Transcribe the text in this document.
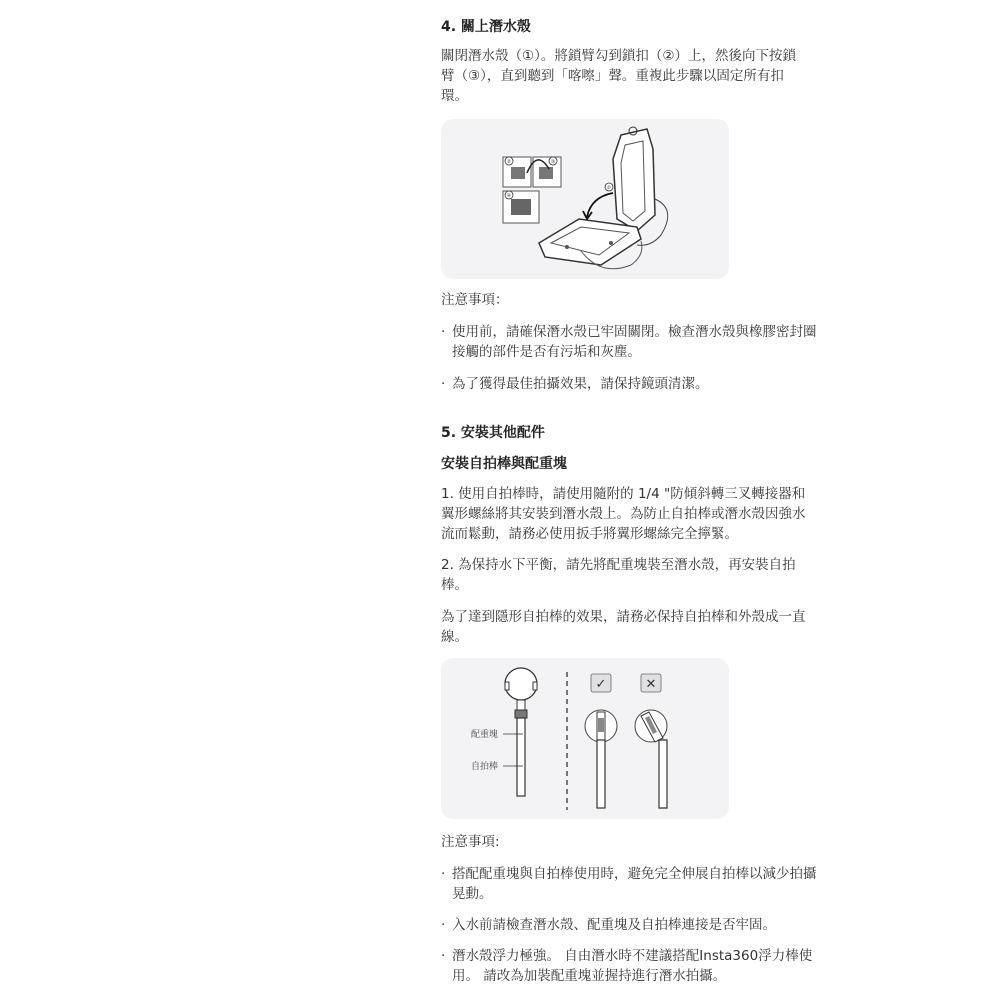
4. 關上潛水殼
關閉潛水殼（①）。將鎖臂勾到鎖扣（②）上，然後向下按鎖
臂（③），直到聽到「喀嚓」聲。重複此步驟以固定所有扣
環。
②	③
④
①
注意事項：
· 使用前，請確保潛水殼已牢固關閉。檢查潛水殼與橡膠密封圈
接觸的部件是否有污垢和灰塵。
· 為了獲得最佳拍攝效果，請保持鏡頭清潔。
5. 安裝其他配件
安裝自拍棒與配重塊
1. 使用自拍棒時，請使用隨附的 1/4 "防傾斜轉三叉轉接器和
翼形螺絲將其安裝到潛水殼上。為防止自拍棒或潛水殼因強水
流而鬆動，請務必使用扳手將翼形螺絲完全擰緊。
2. 為保持水下平衡，請先將配重塊裝至潛水殼，再安裝自拍
棒。
為了達到隱形自拍棒的效果，請務必保持自拍棒和外殼成一直
線。
配重塊
自拍棒
✓	✕
注意事項:
· 搭配配重塊與自拍棒使用時，避免完全伸展自拍棒以減少拍攝
晃動。
· 入水前請檢查潛水殼、配重塊及自拍棒連接是否牢固。
· 潛水殼浮力極強。 自由潛水時不建議搭配Insta360浮力棒使
用。 請改為加裝配重塊並握持進行潛水拍攝。
